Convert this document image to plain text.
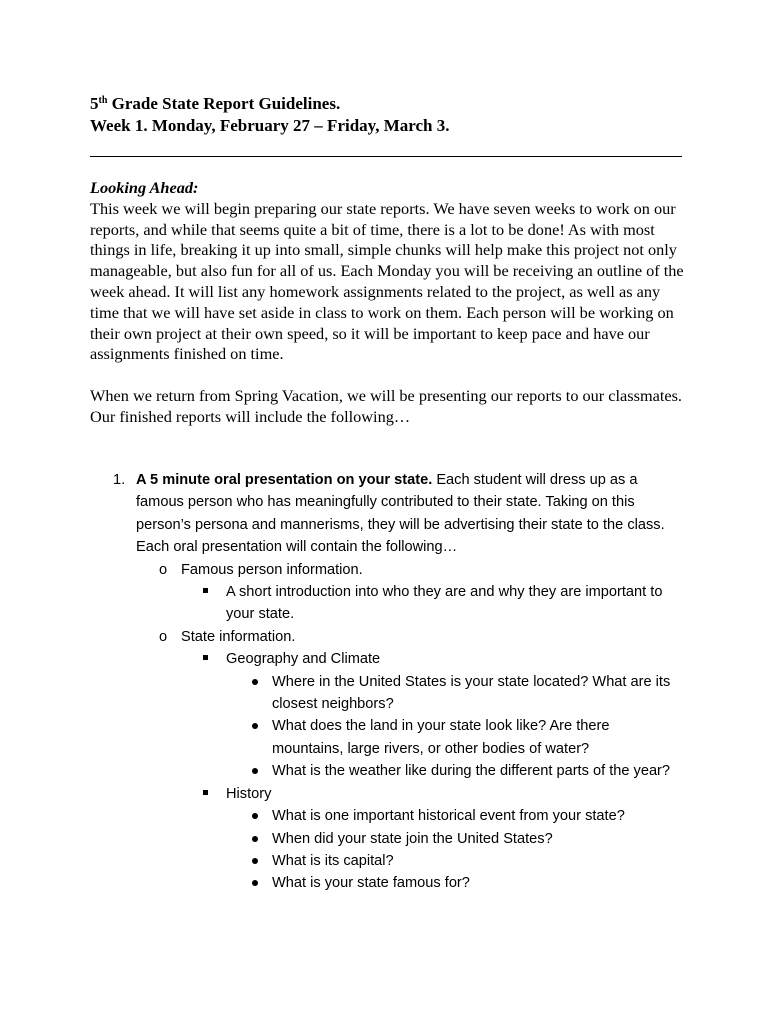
5th Grade State Report Guidelines.
Week 1. Monday, February 27 – Friday, March 3.
Looking Ahead:

This week we will begin preparing our state reports. We have seven weeks to work on our reports, and while that seems quite a bit of time, there is a lot to be done! As with most things in life, breaking it up into small, simple chunks will help make this project not only manageable, but also fun for all of us. Each Monday you will be receiving an outline of the week ahead. It will list any homework assignments related to the project, as well as any time that we will have set aside in class to work on them. Each person will be working on their own project at their own speed, so it will be important to keep pace and have our assignments finished on time.

When we return from Spring Vacation, we will be presenting our reports to our classmates. Our finished reports will include the following…

1. A 5 minute oral presentation on your state. Each student will dress up as a famous person who has meaningfully contributed to their state. Taking on this person’s persona and mannerisms, they will be advertising their state to the class. Each oral presentation will contain the following…
o Famous person information.
A short introduction into who they are and why they are important to your state.
o State information.
Geography and Climate
Where in the United States is your state located? What are its closest neighbors?
What does the land in your state look like? Are there mountains, large rivers, or other bodies of water?
What is the weather like during the different parts of the year?
History
What is one important historical event from your state?
When did your state join the United States?
What is its capital?
What is your state famous for?
